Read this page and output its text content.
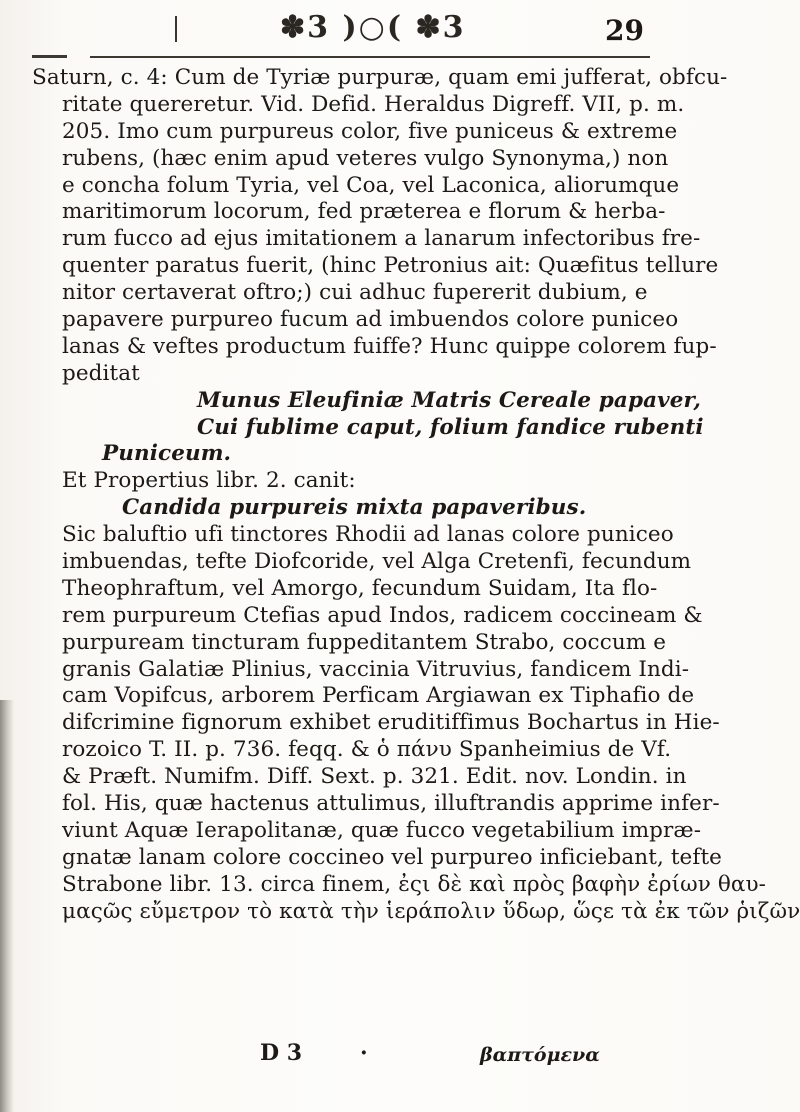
✽3 )○( ✽3	29
Saturn, c. 4: Cum de Tyriæ purpuræ, quam emi jufferat, obfcu-
ritate quereretur. Vid. Defid. Heraldus Digreff. VII, p. m.
205. Imo cum purpureus color, five puniceus & extreme
rubens, (hæc enim apud veteres vulgo Synonyma,) non
e concha folum Tyria, vel Coa, vel Laconica, aliorumque
maritimorum locorum, fed præterea e florum & herba-
rum fucco ad ejus imitationem a lanarum infectoribus fre-
quenter paratus fuerit, (hinc Petronius ait: Quæfitus tellure
nitor certaverat oftro;) cui adhuc fupererit dubium, e
papavere purpureo fucum ad imbuendos colore puniceo
lanas & veftes productum fuiffe? Hunc quippe colorem fup-
peditat
Munus Eleufiniæ Matris Cereale papaver,
Cui fublime caput, folium fandice rubenti
Puniceum.
Et Propertius libr. 2. canit:
Candida purpureis mixta papaveribus.
Sic baluftio ufi tinctores Rhodii ad lanas colore puniceo
imbuendas, tefte Diofcoride, vel Alga Cretenfi, fecundum
Theophraftum, vel Amorgo, fecundum Suidam, Ita flo-
rem purpureum Ctefias apud Indos, radicem coccineam &
purpuream tincturam fuppeditantem Strabo, coccum e
granis Galatiæ Plinius, vaccinia Vitruvius, fandicem Indi-
cam Vopifcus, arborem Perficam Argiawan ex Tiphafio de
difcrimine fignorum exhibet eruditiffimus Bochartus in Hie-
rozoico T. II. p. 736. feqq. & ὁ πάνυ Spanheimius de Vf.
& Præft. Numifm. Diff. Sext. p. 321. Edit. nov. Londin. in
fol. His, quæ hactenus attulimus, illuftrandis apprime infer-
viunt Aquæ Ierapolitanæ, quæ fucco vegetabilium impræ-
gnatæ lanam colore coccineo vel purpureo inficiebant, tefte
Strabone libr. 13. circa finem, ἐςι δὲ καὶ πρὸς βαφὴν ἐρίων θαυ-
μαςῶς εὔμετρον τὸ κατὰ τὴν ἱεράπολιν ὕδωρ, ὥςε τὰ ἐκ τῶν ῥιζῶν
D 3	·	βαπτόμενα
